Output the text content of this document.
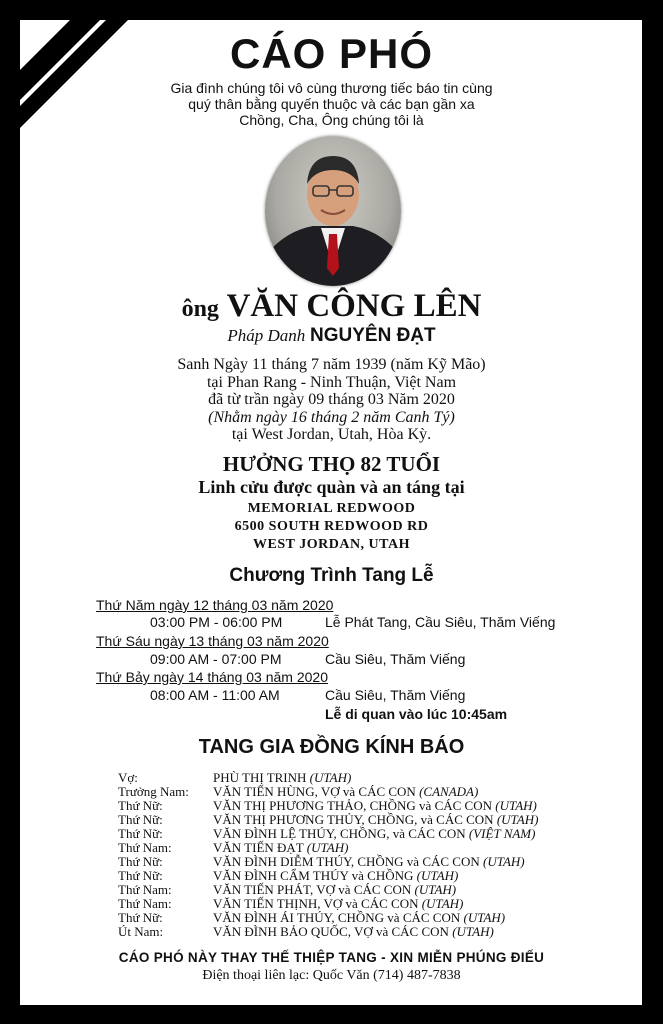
CÁO PHÓ
Gia đình chúng tôi vô cùng thương tiếc báo tin cùng
quý thân bằng quyến thuộc và các bạn gần xa
Chồng, Cha, Ông chúng tôi là
ông VĂN CÔNG LÊN
Pháp Danh NGUYÊN ĐẠT
Sanh Ngày 11 tháng 7 năm 1939 (năm Kỹ Mão)
tại Phan Rang - Ninh Thuận, Việt Nam
đã từ trần ngày 09 tháng 03 Năm 2020
(Nhằm ngày 16 tháng 2 năm Canh Tý)
tại West Jordan, Utah, Hòa Kỳ.
HƯỞNG THỌ 82 TUỔI
Linh cửu được quàn và an táng tại
MEMORIAL REDWOOD
6500 SOUTH REDWOOD RD
WEST JORDAN, UTAH
Chương Trình Tang Lễ
Thứ Năm ngày 12 tháng 03 năm 2020
03:00 PM - 06:00 PM	Lễ Phát Tang, Cầu Siêu, Thăm Viếng
Thứ Sáu ngày 13 tháng 03 năm 2020
09:00 AM - 07:00 PM	Cầu Siêu, Thăm Viếng
Thứ Bảy ngày 14 tháng 03 năm 2020
08:00 AM - 11:00 AM	Cầu Siêu, Thăm Viếng
Lễ di quan vào lúc 10:45am
TANG GIA ĐỒNG KÍNH BÁO
Vợ:	PHÙ THỊ TRINH (UTAH)
Trưởng Nam: VĂN TIẾN HÙNG, VỢ và CÁC CON (CANADA)
Thứ Nữ:	VĂN THỊ PHƯƠNG THẢO, CHỒNG và CÁC CON (UTAH)
Thứ Nữ:	VĂN THỊ PHƯƠNG THỦY, CHỒNG, và CÁC CON (UTAH)
Thứ Nữ:	VĂN ĐÌNH LỆ THÚY, CHỒNG, và CÁC CON (VIỆT NAM)
Thứ Nam:	VĂN TIẾN ĐẠT (UTAH)
Thứ Nữ:	VĂN ĐÌNH DIỄM THÚY, CHỒNG và CÁC CON (UTAH)
Thứ Nữ:	VĂN ĐÌNH CẨM THÚY và CHỒNG (UTAH)
Thứ Nam:	VĂN TIẾN PHÁT, VỢ và CÁC CON (UTAH)
Thứ Nam:	VĂN TIẾN THỊNH, VỢ và CÁC CON (UTAH)
Thứ Nữ:	VĂN ĐÌNH ÁI THÚY, CHỒNG và CÁC CON (UTAH)
Út Nam:	VĂN ĐÌNH BẢO QUỐC, VỢ và CÁC CON (UTAH)
CÁO PHÓ NÀY THAY THẾ THIỆP TANG - XIN MIỄN PHÚNG ĐIẾU
Điện thoại liên lạc: Quốc Văn (714) 487-7838
